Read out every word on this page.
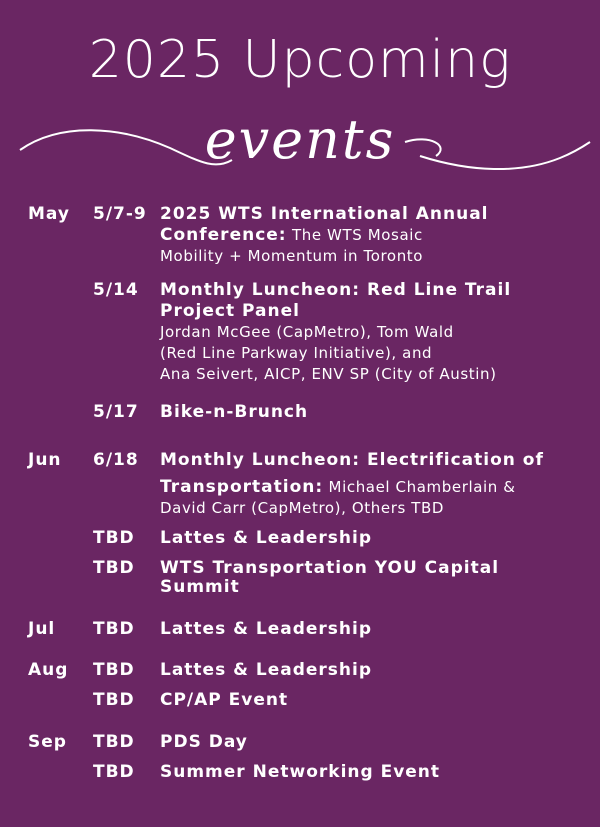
2025 Upcoming
events
May 5/7-9 2025 WTS International Annual
Conference: The WTS Mosaic
Mobility + Momentum in Toronto
5/14 Monthly Luncheon: Red Line Trail
Project Panel
Jordan McGee (CapMetro), Tom Wald
(Red Line Parkway Initiative), and
Ana Seivert, AICP, ENV SP (City of Austin)
5/17 Bike-n-Brunch
Jun 6/18 Monthly Luncheon: Electrification of
Transportation: Michael Chamberlain &
David Carr (CapMetro), Others TBD
TBD Lattes & Leadership
TBD WTS Transportation YOU Capital
Summit
Jul TBD Lattes & Leadership
Aug TBD Lattes & Leadership
TBD CP/AP Event
Sep TBD PDS Day
TBD Summer Networking Event
